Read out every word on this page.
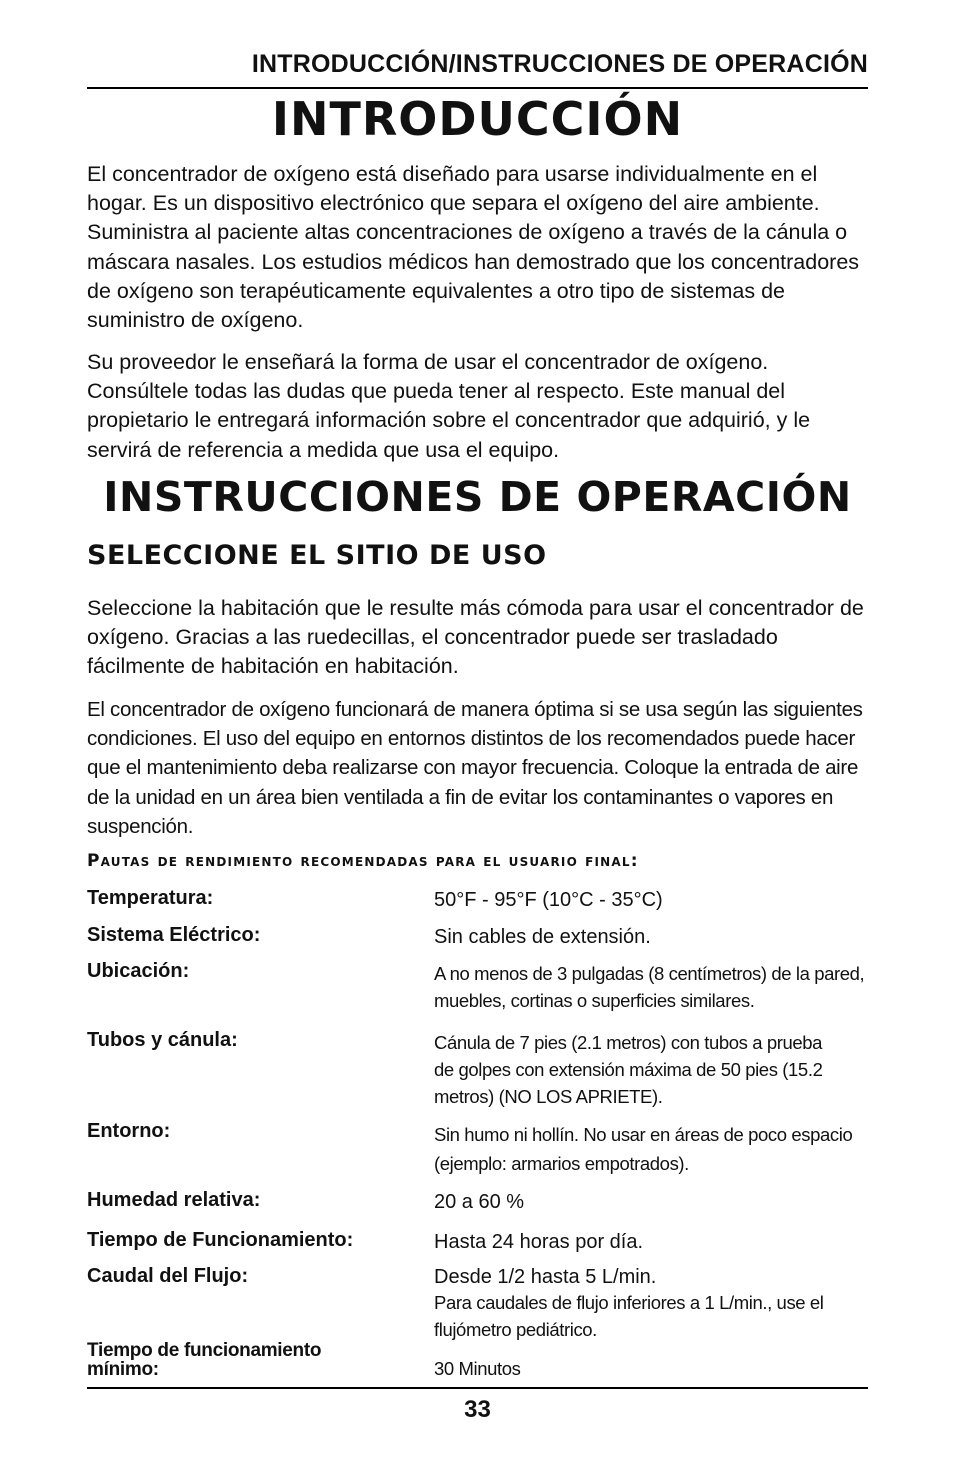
INTRODUCCIÓN/INSTRUCCIONES DE OPERACIÓN
INTRODUCCIÓN
El concentrador de oxígeno está diseñado para usarse individualmente en el hogar. Es un dispositivo electrónico que separa el oxígeno del aire ambiente. Suministra al paciente altas concentraciones de oxígeno a través de la cánula o máscara nasales. Los estudios médicos han demostrado que los concentradores de oxígeno son terapéuticamente equivalentes a otro tipo de sistemas de suministro de oxígeno.
Su proveedor le enseñará la forma de usar el concentrador de oxígeno. Consúltele todas las dudas que pueda tener al respecto. Este manual del propietario le entregará información sobre el concentrador que adquirió, y le servirá de referencia a medida que usa el equipo.
INSTRUCCIONES DE OPERACIÓN
SELECCIONE EL SITIO DE USO
Seleccione la habitación que le resulte más cómoda para usar el concentrador de oxígeno. Gracias a las ruedecillas, el concentrador puede ser trasladado fácilmente de habitación en habitación.
El concentrador de oxígeno funcionará de manera óptima si se usa según las siguientes condiciones. El uso del equipo en entornos distintos de los recomendados puede hacer que el mantenimiento deba realizarse con mayor frecuencia. Coloque la entrada de aire de la unidad en un área bien ventilada a fin de evitar los contaminantes o vapores en suspención.
Pautas de rendimiento recomendadas para el usuario final:
Temperatura:	50°F - 95°F (10°C - 35°C)
Sistema Eléctrico:	Sin cables de extensión.
Ubicación:	A no menos de 3 pulgadas (8 centímetros) de la pared, muebles, cortinas o superficies similares.
Tubos y cánula:	Cánula de 7 pies (2.1 metros) con tubos a prueba de golpes con extensión máxima de 50 pies (15.2 metros) (NO LOS APRIETE).
Entorno:	Sin humo ni hollín. No usar en áreas de poco espacio (ejemplo: armarios empotrados).
Humedad relativa:	20 a 60 %
Tiempo de Funcionamiento:	Hasta 24 horas por día.
Caudal del Flujo:	Desde 1/2 hasta 5 L/min.
Para caudales de flujo inferiores a 1 L/min., use el flujómetro pediátrico.
Tiempo de funcionamiento mínimo:	30 Minutos
33
